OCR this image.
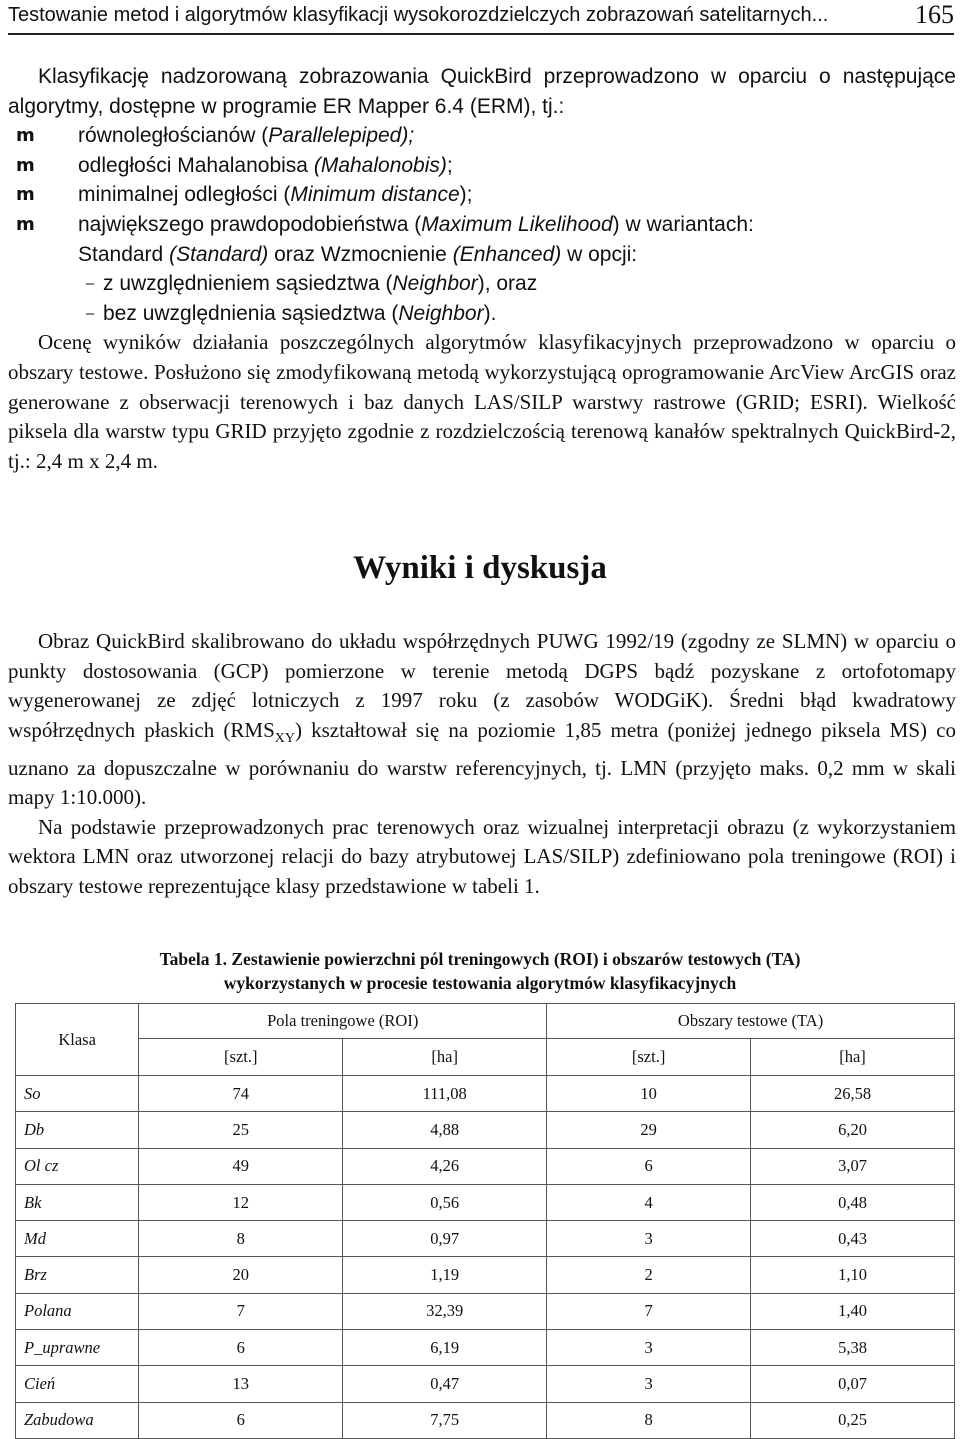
Testowanie metod i algorytmów klasyfikacji wysokorozdzielczych zobrazowań satelitarnych...	165

Klasyfikację nadzorowaną zobrazowania QuickBird przeprowadzono w oparciu o następujące algorytmy, dostępne w programie ER Mapper 6.4 (ERM), tj.:

m równoległościanów (Parallelepiped);
m odległości Mahalanobisa (Mahalonobis);
m minimalnej odległości (Minimum distance);
m największego prawdopodobieństwa (Maximum Likelihood) w wariantach:
Standard (Standard) oraz Wzmocnienie (Enhanced) w opcji:
– z uwzględnieniem sąsiedztwa (Neighbor), oraz
– bez uwzględnienia sąsiedztwa (Neighbor).

Ocenę wyników działania poszczególnych algorytmów klasyfikacyjnych przeprowadzono w oparciu o obszary testowe. Posłużono się zmodyfikowaną metodą wykorzystującą oprogramowanie ArcView ArcGIS oraz generowane z obserwacji terenowych i baz danych LAS/SILP warstwy rastrowe (GRID; ESRI). Wielkość piksela dla warstw typu GRID przyjęto zgodnie z rozdzielczością terenową kanałów spektralnych QuickBird-2, tj.: 2,4 m x 2,4 m.

Wyniki i dyskusja

Obraz QuickBird skalibrowano do układu współrzędnych PUWG 1992/19 (zgodny ze SLMN) w oparciu o punkty dostosowania (GCP) pomierzone w terenie metodą DGPS bądź pozyskane z ortofotomapy wygenerowanej ze zdjęć lotniczych z 1997 roku (z zasobów WODGiK). Średni błąd kwadratowy współrzędnych płaskich $(RMS_{XY})$ kształtował się na poziomie 1,85 metra (poniżej jednego piksela MS) co uznano za dopuszczalne w porównaniu do warstw referencyjnych, tj. LMN (przyjęto maks. 0,2 mm w skali mapy 1:10.000).

Na podstawie przeprowadzonych prac terenowych oraz wizualnej interpretacji obrazu (z wykorzystaniem wektora LMN oraz utworzonej relacji do bazy atrybutowej LAS/SILP) zdefiniowano pola treningowe (ROI) i obszary testowe reprezentujące klasy przedstawione w tabeli 1.

Tabela 1. Zestawienie powierzchni pól treningowych (ROI) i obszarów testowych (TA)
wykorzystanych w procesie testowania algorytmów klasyfikacyjnych
Klasa	Pola treningowe (ROI)		Obszary testowe (TA)	
	[szt.]	[ha]	[szt.]	[ha]
So	74	111,08	10	26,58
Db	25	4,88	29	6,20
Ol cz	49	4,26	6	3,07
Bk	12	0,56	4	0,48
Md	8	0,97	3	0,43
Brz	20	1,19	2	1,10
Polana	7	32,39	7	1,40
P_uprawne	6	6,19	3	5,38
Cień	13	0,47	3	0,07
Zabudowa	6	7,75	8	0,25
